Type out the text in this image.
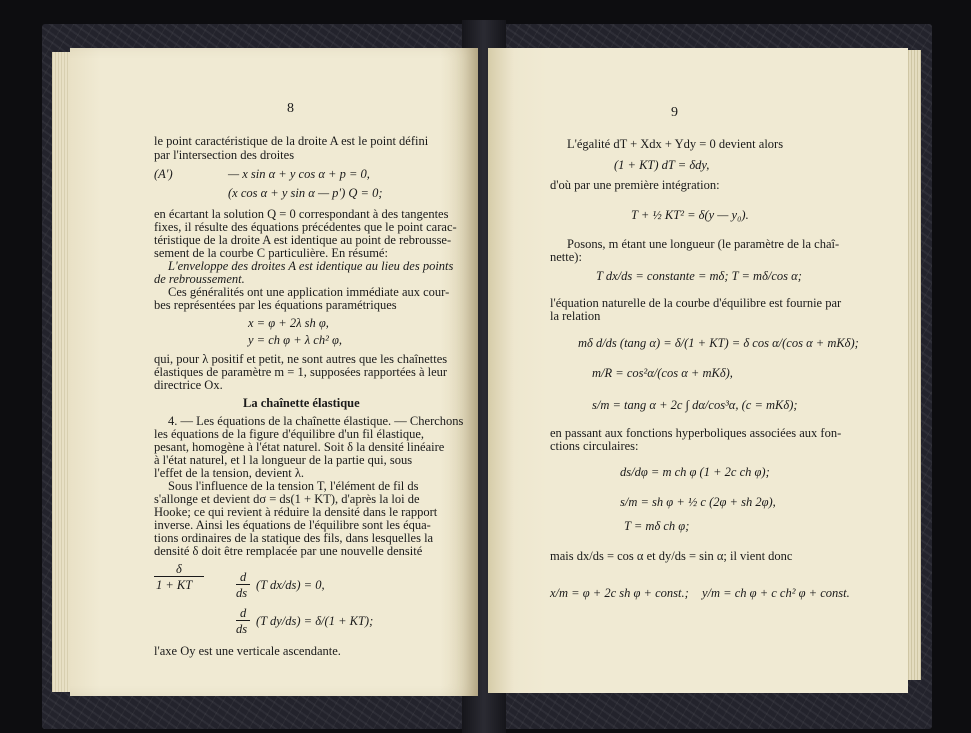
8
le point caractéristique de la droite A est le point défini
par l'intersection des droites
(A')	— x sin α + y cos α + p = 0,
(x cos α + y sin α — p') Q = 0;
en écartant la solution Q = 0 correspondant à des tangentes
fixes, il résulte des équations précédentes que le point carac-
téristique de la droite A est identique au point de rebrousse-
sement de la courbe C particulière. En résumé:
L'enveloppe des droites A est identique au lieu des points
de rebroussement.
Ces généralités ont une application immédiate aux cour-
bes représentées par les équations paramétriques
x = φ + 2λ sh φ,
y = ch φ + λ ch² φ,
qui, pour λ positif et petit, ne sont autres que les chaînettes
élastiques de paramètre m = 1, supposées rapportées à leur
directrice Ox.
La chaînette élastique
4. — Les équations de la chaînette élastique. — Cherchons
les équations de la figure d'équilibre d'un fil élastique,
pesant, homogène à l'état naturel. Soit δ la densité linéaire
à l'état naturel, et l la longueur de la partie qui, sous
l'effet de la tension, devient λ.
Sous l'influence de la tension T, l'élément de fil ds
s'allonge et devient dσ = ds(1 + KT), d'après la loi de
Hooke; ce qui revient à réduire la densité dans le rapport
inverse. Ainsi les équations de l'équilibre sont les équa-
tions ordinaires de la statique des fils, dans lesquelles la
densité δ doit être remplacée par une nouvelle densité
δ
1 + KT
d
ds
(T dx/ds) = 0,
d
ds
(T dy/ds) = δ/(1 + KT);
l'axe Oy est une verticale ascendante.
9
L'égalité dT + Xdx + Ydy = 0 devient alors
(1 + KT) dT = δdy,
d'où par une première intégration:
T + ½ KT² = δ(y — y₀).
Posons, m étant une longueur (le paramètre de la chaî-
nette):
T dx/ds = constante = mδ; T = mδ/cos α;
l'équation naturelle de la courbe d'équilibre est fournie par
la relation
mδ d/ds (tang α) = δ/(1 + KT) = δ cos α/(cos α + mKδ);
m/R = cos²α/(cos α + mKδ),
s/m = tang α + 2c ∫ dα/cos³α, (c = mKδ);
en passant aux fonctions hyperboliques associées aux fon-
ctions circulaires:
ds/dφ = m ch φ (1 + 2c ch φ);
s/m = sh φ + ½ c (2φ + sh 2φ),
T = mδ ch φ;
mais dx/ds = cos α et dy/ds = sin α; il vient donc
x/m = φ + 2c sh φ + const.; y/m = ch φ + c ch² φ + const.
